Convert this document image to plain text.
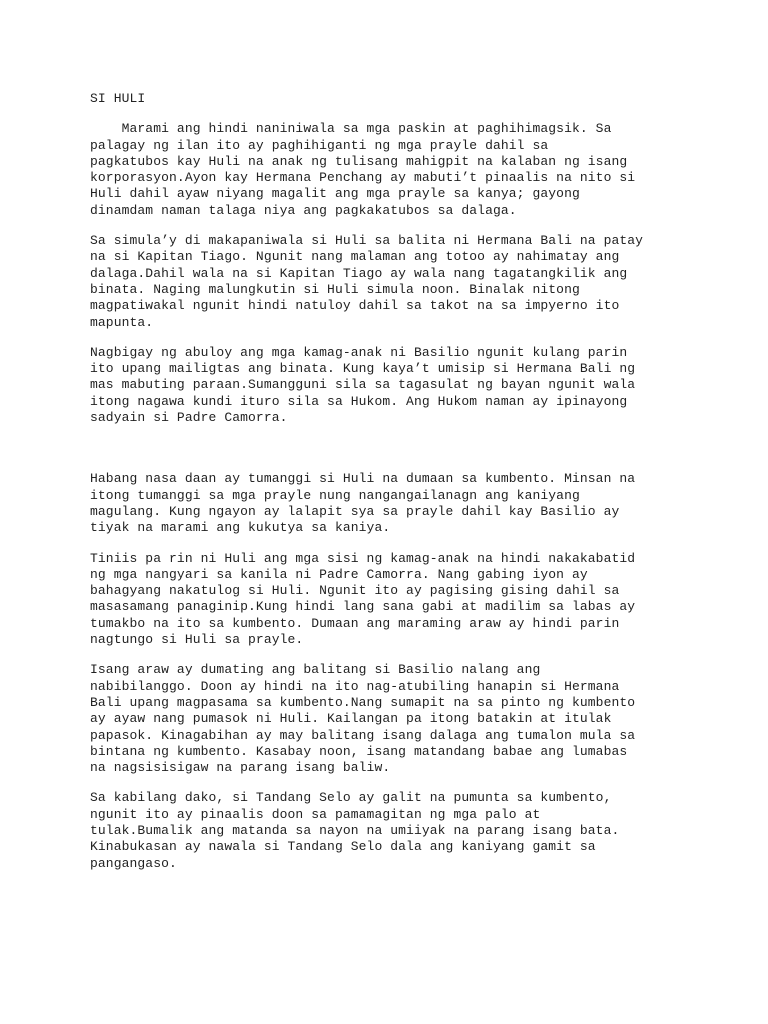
SI HULI
Marami ang hindi naniniwala sa mga paskin at paghihimagsik. Sa
palagay ng ilan ito ay paghihiganti ng mga prayle dahil sa
pagkatubos kay Huli na anak ng tulisang mahigpit na kalaban ng isang
korporasyon.Ayon kay Hermana Penchang ay mabuti’t pinaalis na nito si
Huli dahil ayaw niyang magalit ang mga prayle sa kanya; gayong
dinamdam naman talaga niya ang pagkakatubos sa dalaga.
Sa simula’y di makapaniwala si Huli sa balita ni Hermana Bali na patay
na si Kapitan Tiago. Ngunit nang malaman ang totoo ay nahimatay ang
dalaga.Dahil wala na si Kapitan Tiago ay wala nang tagatangkilik ang
binata. Naging malungkutin si Huli simula noon. Binalak nitong
magpatiwakal ngunit hindi natuloy dahil sa takot na sa impyerno ito
mapunta.
Nagbigay ng abuloy ang mga kamag-anak ni Basilio ngunit kulang parin
ito upang mailigtas ang binata. Kung kaya’t umisip si Hermana Bali ng
mas mabuting paraan.Sumangguni sila sa tagasulat ng bayan ngunit wala
itong nagawa kundi ituro sila sa Hukom. Ang Hukom naman ay ipinayong
sadyain si Padre Camorra.
Habang nasa daan ay tumanggi si Huli na dumaan sa kumbento. Minsan na
itong tumanggi sa mga prayle nung nangangailanagn ang kaniyang
magulang. Kung ngayon ay lalapit sya sa prayle dahil kay Basilio ay
tiyak na marami ang kukutya sa kaniya.
Tiniis pa rin ni Huli ang mga sisi ng kamag-anak na hindi nakakabatid
ng mga nangyari sa kanila ni Padre Camorra. Nang gabing iyon ay
bahagyang nakatulog si Huli. Ngunit ito ay pagising gising dahil sa
masasamang panaginip.Kung hindi lang sana gabi at madilim sa labas ay
tumakbo na ito sa kumbento. Dumaan ang maraming araw ay hindi parin
nagtungo si Huli sa prayle.
Isang araw ay dumating ang balitang si Basilio nalang ang
nabibilanggo. Doon ay hindi na ito nag-atubiling hanapin si Hermana
Bali upang magpasama sa kumbento.Nang sumapit na sa pinto ng kumbento
ay ayaw nang pumasok ni Huli. Kailangan pa itong batakin at itulak
papasok. Kinagabihan ay may balitang isang dalaga ang tumalon mula sa
bintana ng kumbento. Kasabay noon, isang matandang babae ang lumabas
na nagsisisigaw na parang isang baliw.
Sa kabilang dako, si Tandang Selo ay galit na pumunta sa kumbento,
ngunit ito ay pinaalis doon sa pamamagitan ng mga palo at
tulak.Bumalik ang matanda sa nayon na umiiyak na parang isang bata.
Kinabukasan ay nawala si Tandang Selo dala ang kaniyang gamit sa
pangangaso.
